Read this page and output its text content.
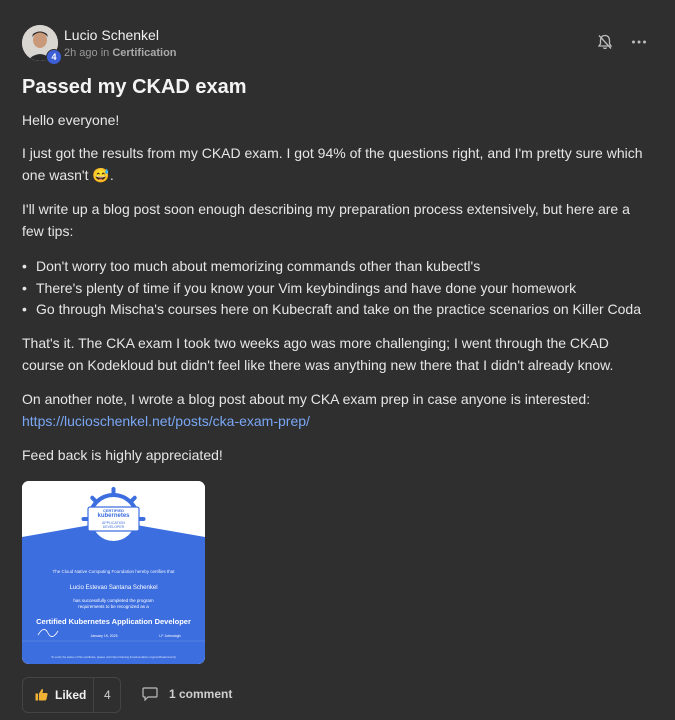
4
Lucio Schenkel
2h ago in Certification
Passed my CKAD exam
Hello everyone!
I just got the results from my CKAD exam. I got 94% of the questions right, and I'm pretty sure which one wasn't 😅.
I'll write up a blog post soon enough describing my preparation process extensively, but here are a few tips:
• Don't worry too much about memorizing commands other than kubectl's
• There's plenty of time if you know your Vim keybindings and have done your homework
• Go through Mischa's courses here on Kubecraft and take on the practice scenarios on Killer Coda
That's it. The CKA exam I took two weeks ago was more challenging; I went through the CKAD course on Kodekloud but didn't feel like there was anything new there that I didn't already know.
On another note, I wrote a blog post about my CKA exam prep in case anyone is interested: https://lucioschenkel.net/posts/cka-exam-prep/
Feed back is highly appreciated!
CERTIFIED
kubernetes
APPLICATION
DEVELOPER
The Cloud Native Computing Foundation hereby certifies that
Lucio Estevao Santana Schenkel
has successfully completed the program requirements to be recognized as a
Certified Kubernetes Application Developer
January 19, 2025	LF Jutmoiagh
To verify the status of this certificate, please visit https://training.linuxfoundation.org/certification/verify
Liked 4	1 comment
